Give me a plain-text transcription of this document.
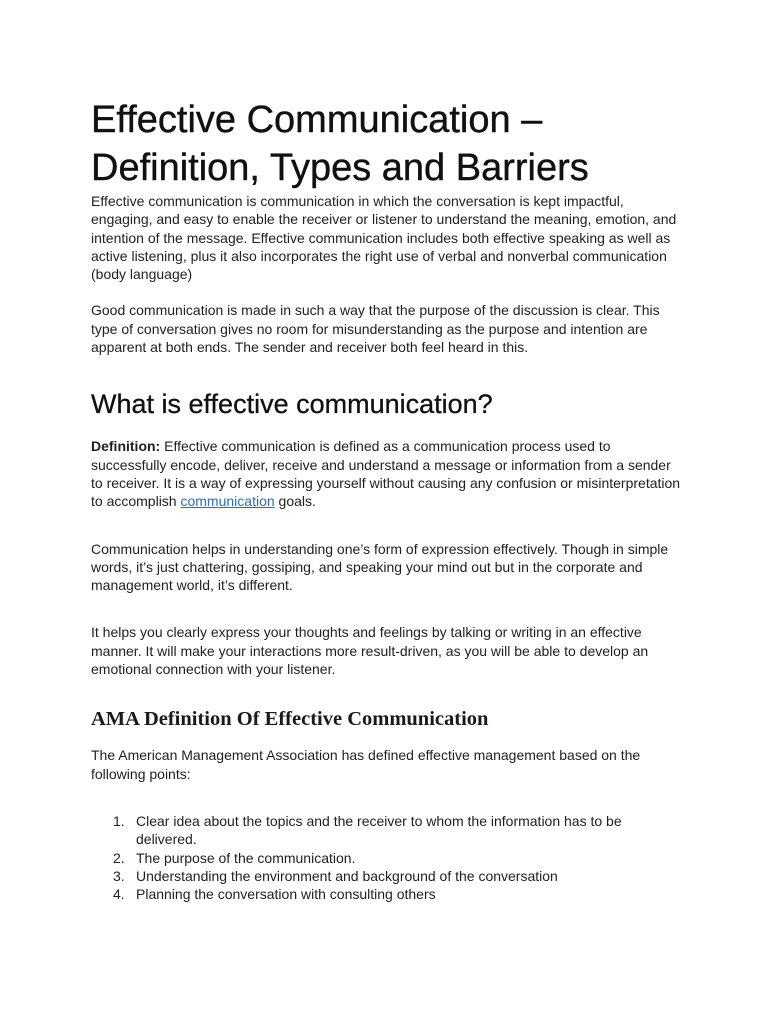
Effective Communication –
Definition, Types and Barriers

Effective communication is communication in which the conversation is kept impactful, engaging, and easy to enable the receiver or listener to understand the meaning, emotion, and intention of the message. Effective communication includes both effective speaking as well as active listening, plus it also incorporates the right use of verbal and nonverbal communication (body language)

Good communication is made in such a way that the purpose of the discussion is clear. This type of conversation gives no room for misunderstanding as the purpose and intention are apparent at both ends. The sender and receiver both feel heard in this.

What is effective communication?

Definition: Effective communication is defined as a communication process used to successfully encode, deliver, receive and understand a message or information from a sender to receiver. It is a way of expressing yourself without causing any confusion or misinterpretation to accomplish communication goals.

Communication helps in understanding one’s form of expression effectively. Though in simple words, it’s just chattering, gossiping, and speaking your mind out but in the corporate and management world, it’s different.

It helps you clearly express your thoughts and feelings by talking or writing in an effective manner. It will make your interactions more result-driven, as you will be able to develop an emotional connection with your listener.

AMA Definition Of Effective Communication

The American Management Association has defined effective management based on the following points:

1. Clear idea about the topics and the receiver to whom the information has to be delivered.
2. The purpose of the communication.
3. Understanding the environment and background of the conversation
4. Planning the conversation with consulting others
